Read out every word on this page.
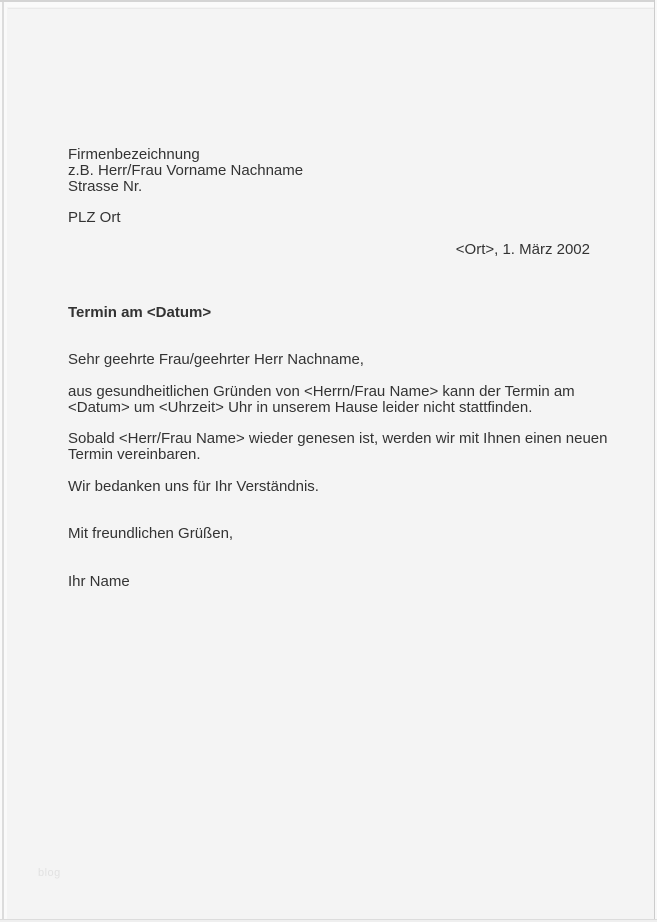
Firmenbezeichnung
z.B. Herr/Frau Vorname Nachname
Strasse Nr.
PLZ Ort
<Ort>, 1. März 2002
Termin am <Datum>
Sehr geehrte Frau/geehrter Herr Nachname,
aus gesundheitlichen Gründen von <Herrn/Frau Name> kann der Termin am
<Datum> um <Uhrzeit> Uhr in unserem Hause leider nicht stattfinden.
Sobald <Herr/Frau Name> wieder genesen ist, werden wir mit Ihnen einen neuen
Termin vereinbaren.
Wir bedanken uns für Ihr Verständnis.
Mit freundlichen Grüßen,
Ihr Name
blog
